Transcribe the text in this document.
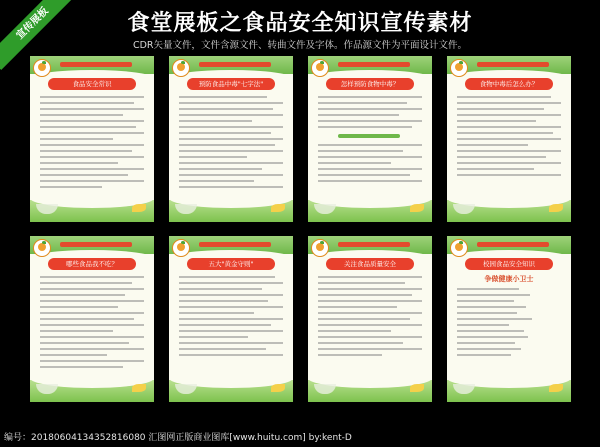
宣传展板	食堂展板之食品安全知识宣传素材
CDR矢量文件，文件含源文件、转曲文件及字体。作品源文件为平面设计文件。
食品安全常识	预防食品中毒"七字法"	怎样预防食物中毒？	食物中毒后怎么办？
哪些食品我不吃？	五大"黄金守则"	关注食品质量安全	校园食品安全知识
争做健康小卫士
编号：20180604134352816080 汇图网正版商业图库[www.huitu.com] by:kent-D
